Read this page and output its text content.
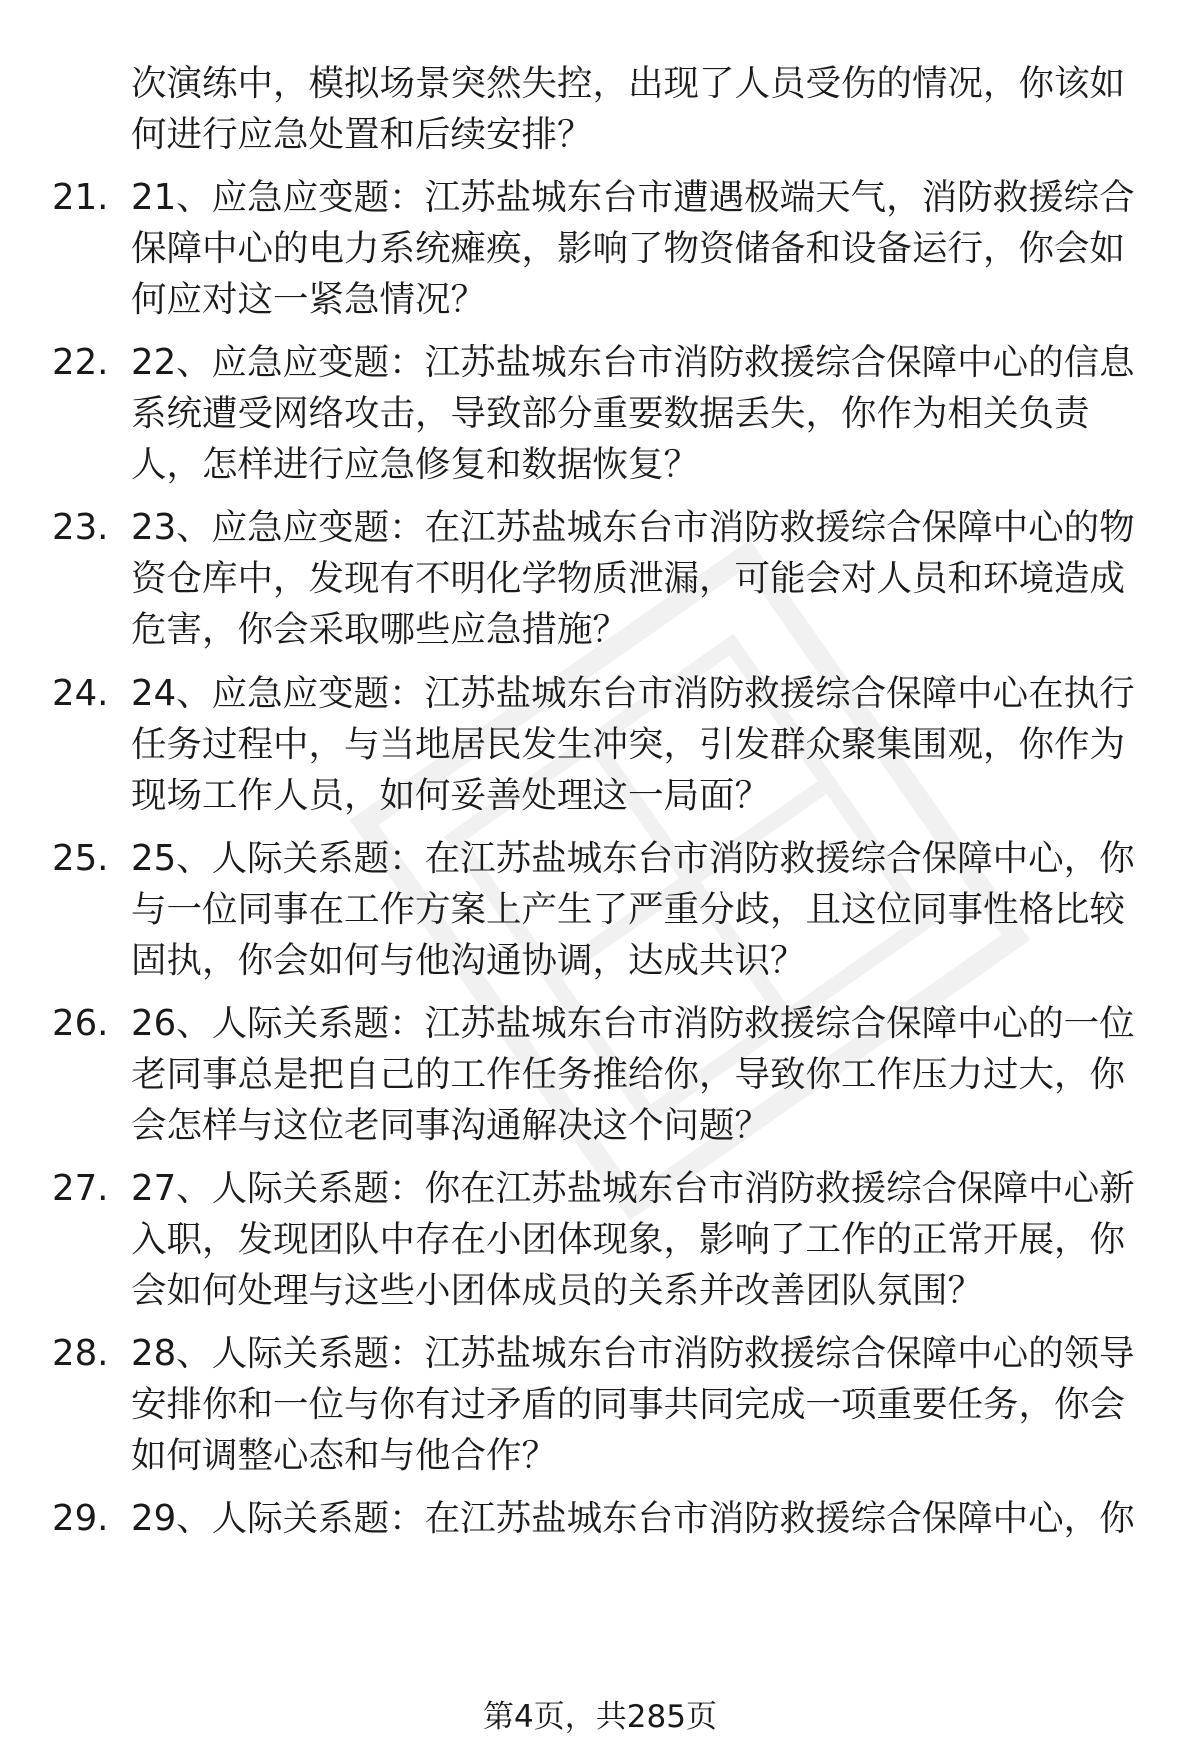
次演练中，模拟场景突然失控，出现了人员受伤的情况，你该如何进行应急处置和后续安排？

21. 21、应急应变题：江苏盐城东台市遭遇极端天气，消防救援综合保障中心的电力系统瘫痪，影响了物资储备和设备运行，你会如何应对这一紧急情况？

22. 22、应急应变题：江苏盐城东台市消防救援综合保障中心的信息系统遭受网络攻击，导致部分重要数据丢失，你作为相关负责人，怎样进行应急修复和数据恢复？

23. 23、应急应变题：在江苏盐城东台市消防救援综合保障中心的物资仓库中，发现有不明化学物质泄漏，可能会对人员和环境造成危害，你会采取哪些应急措施？

24. 24、应急应变题：江苏盐城东台市消防救援综合保障中心在执行任务过程中，与当地居民发生冲突，引发群众聚集围观，你作为现场工作人员，如何妥善处理这一局面？

25. 25、人际关系题：在江苏盐城东台市消防救援综合保障中心，你与一位同事在工作方案上产生了严重分歧，且这位同事性格比较固执，你会如何与他沟通协调，达成共识？

26. 26、人际关系题：江苏盐城东台市消防救援综合保障中心的一位老同事总是把自己的工作任务推给你，导致你工作压力过大，你会怎样与这位老同事沟通解决这个问题？

27. 27、人际关系题：你在江苏盐城东台市消防救援综合保障中心新入职，发现团队中存在小团体现象，影响了工作的正常开展，你会如何处理与这些小团体成员的关系并改善团队氛围？

28. 28、人际关系题：江苏盐城东台市消防救援综合保障中心的领导安排你和一位与你有过矛盾的同事共同完成一项重要任务，你会如何调整心态和与他合作？

29. 29、人际关系题：在江苏盐城东台市消防救援综合保障中心，你

第4页，共285页
